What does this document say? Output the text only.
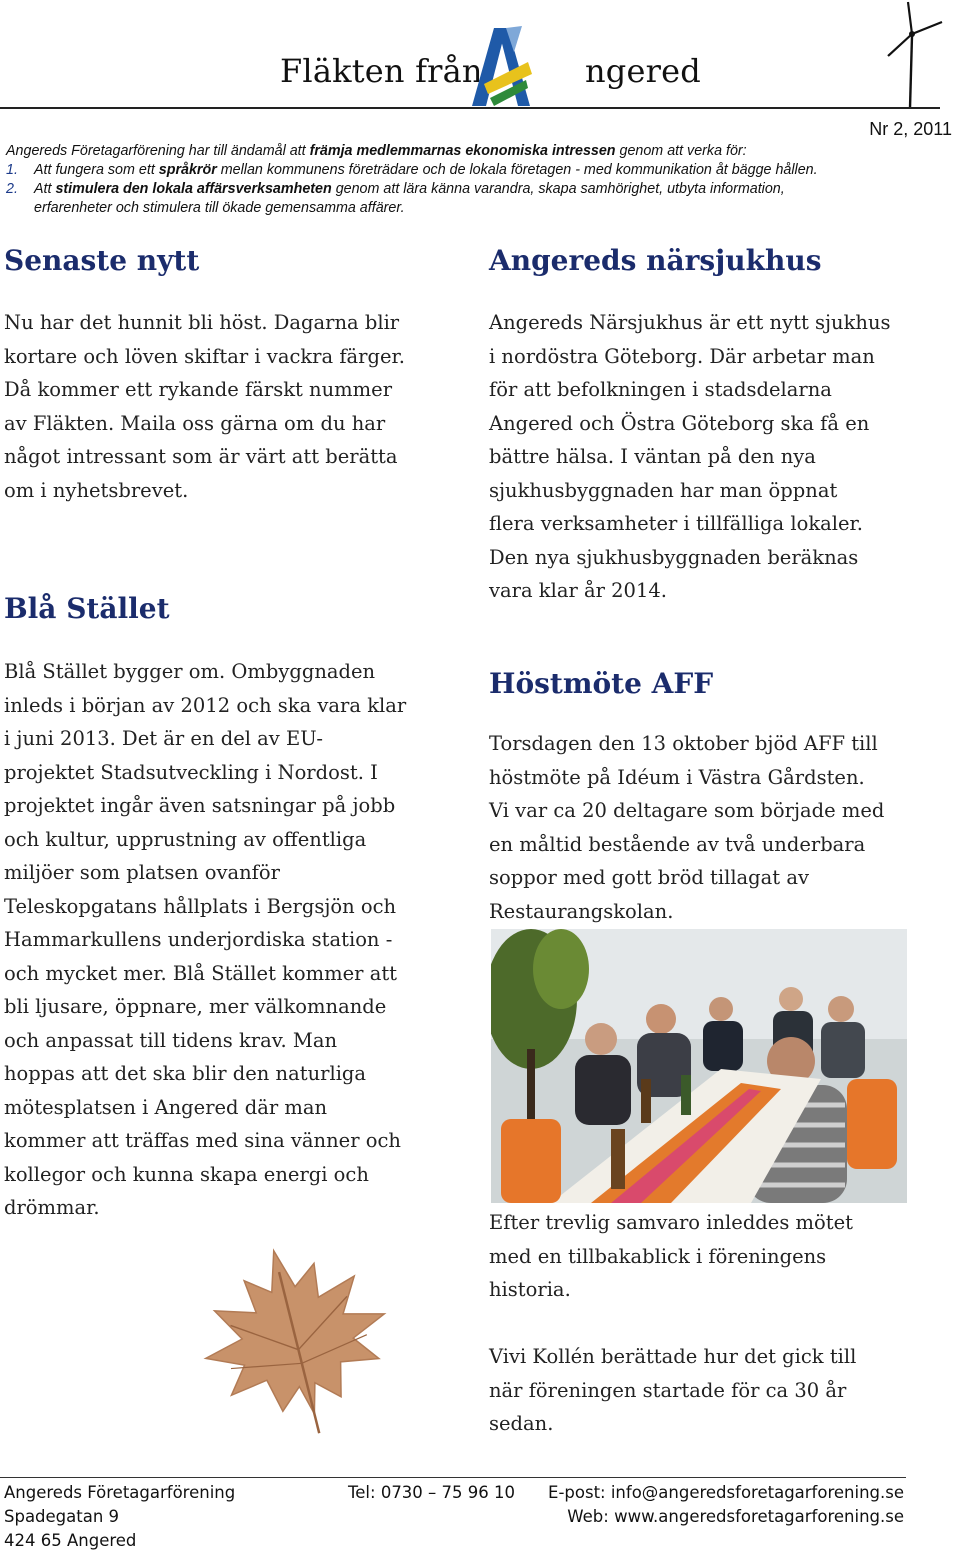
Fläkten från	ngered
Nr 2, 2011
Angereds Företagarförening har till ändamål att främja medlemmarnas ekonomiska intressen genom att verka för:
1. Att fungera som ett språkrör mellan kommunens företrädare och de lokala företagen - med kommunikation åt bägge hållen.
2. Att stimulera den lokala affärsverksamheten genom att lära känna varandra, skapa samhörighet, utbyta information,
erfarenheter och stimulera till ökade gemensamma affärer.
Senaste nytt
Nu har det hunnit bli höst. Dagarna blir
kortare och löven skiftar i vackra färger.
Då kommer ett rykande färskt nummer
av Fläkten. Maila oss gärna om du har
något intressant som är värt att berätta
om i nyhetsbrevet.
Blå Stället
Blå Stället bygger om. Ombyggnaden
inleds i början av 2012 och ska vara klar
i juni 2013. Det är en del av EU-
projektet Stadsutveckling i Nordost. I
projektet ingår även satsningar på jobb
och kultur, upprustning av offentliga
miljöer som platsen ovanför
Teleskopgatans hållplats i Bergsjön och
Hammarkullens underjordiska station -
och mycket mer. Blå Stället kommer att
bli ljusare, öppnare, mer välkomnande
och anpassat till tidens krav. Man
hoppas att det ska blir den naturliga
mötesplatsen i Angered där man
kommer att träffas med sina vänner och
kollegor och kunna skapa energi och
drömmar.
Angereds närsjukhus
Angereds Närsjukhus är ett nytt sjukhus
i nordöstra Göteborg. Där arbetar man
för att befolkningen i stadsdelarna
Angered och Östra Göteborg ska få en
bättre hälsa. I väntan på den nya
sjukhusbyggnaden har man öppnat
flera verksamheter i tillfälliga lokaler.
Den nya sjukhusbyggnaden beräknas
vara klar år 2014.
Höstmöte AFF
Torsdagen den 13 oktober bjöd AFF till
höstmöte på Idéum i Västra Gårdsten.
Vi var ca 20 deltagare som började med
en måltid bestående av två underbara
soppor med gott bröd tillagat av
Restaurangskolan.
Efter trevlig samvaro inleddes mötet
med en tillbakablick i föreningens
historia.
Vivi Kollén berättade hur det gick till
när föreningen startade för ca 30 år
sedan.
Angereds Företagarförening
Spadegatan 9
424 65 Angered
Tel: 0730 – 75 96 10 E-post: info@angeredsforetagarforening.se
Web: www.angeredsforetagarforening.se
